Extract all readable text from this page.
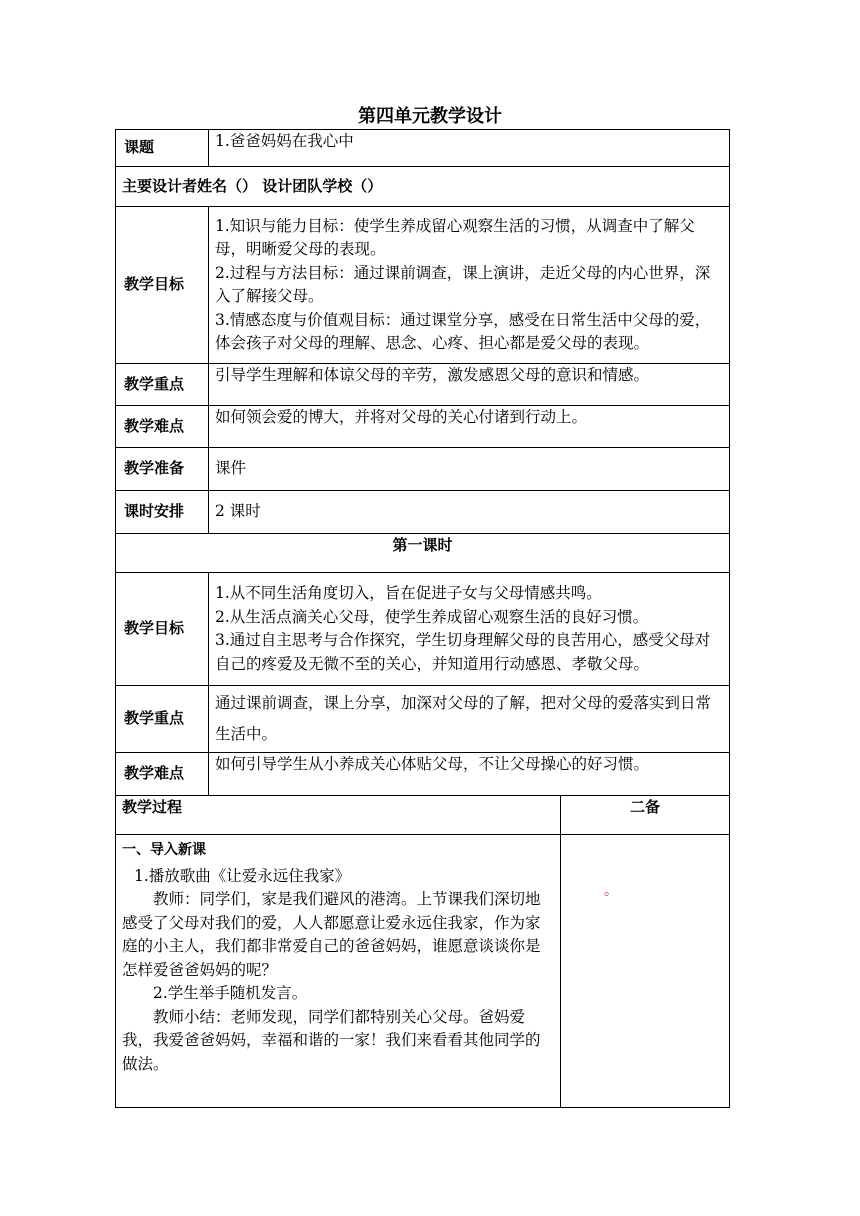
第四单元教学设计
课题	1.爸爸妈妈在我心中	
主要设计者姓名（） 设计团队学校（）		
教学目标	1.知识与能力目标：使学生养成留心观察生活的习惯，从调查中了解父母，明晰爱父母的表现。

2.过程与方法目标：通过课前调查，课上演讲，走近父母的内心世界，深入了解接父母。

3.情感态度与价值观目标：通过课堂分享，感受在日常生活中父母的爱，体会孩子对父母的理解、思念、心疼、担心都是爱父母的表现。	

教学重点	引导学生理解和体谅父母的辛劳，激发感恩父母的意识和情感。	
教学难点	如何领会爱的博大，并将对父母的关心付诸到行动上。	
教学准备	课件	
课时安排	2 课时	
第一课时		
教学目标	1.从不同生活角度切入，旨在促进子女与父母情感共鸣。

2.从生活点滴关心父母，使学生养成留心观察生活的良好习惯。

3.通过自主思考与合作探究，学生切身理解父母的良苦用心，感受父母对自己的疼爱及无微不至的关心，并知道用行动感恩、孝敬父母。	

教学重点	通过课前调查，课上分享，加深对父母的了解，把对父母的爱落实到日常生活中。	
教学难点	如何引导学生从小养成关心体贴父母，不让父母操心的好习惯。	
教学过程		二备

一、导入新课

1.播放歌曲《让爱永远住我家》

教师：同学们，家是我们避风的港湾。上节课我们深切地感受了父母对我们的爱，人人都愿意让爱永远住我家，作为家庭的小主人，我们都非常爱自己的爸爸妈妈，谁愿意谈谈你是怎样爱爸爸妈妈的呢？

2.学生举手随机发言。

教师小结：老师发现，同学们都特别关心父母。爸妈爱我，我爱爸爸妈妈，幸福和谐的一家！我们来看看其他同学的做法。		

。
